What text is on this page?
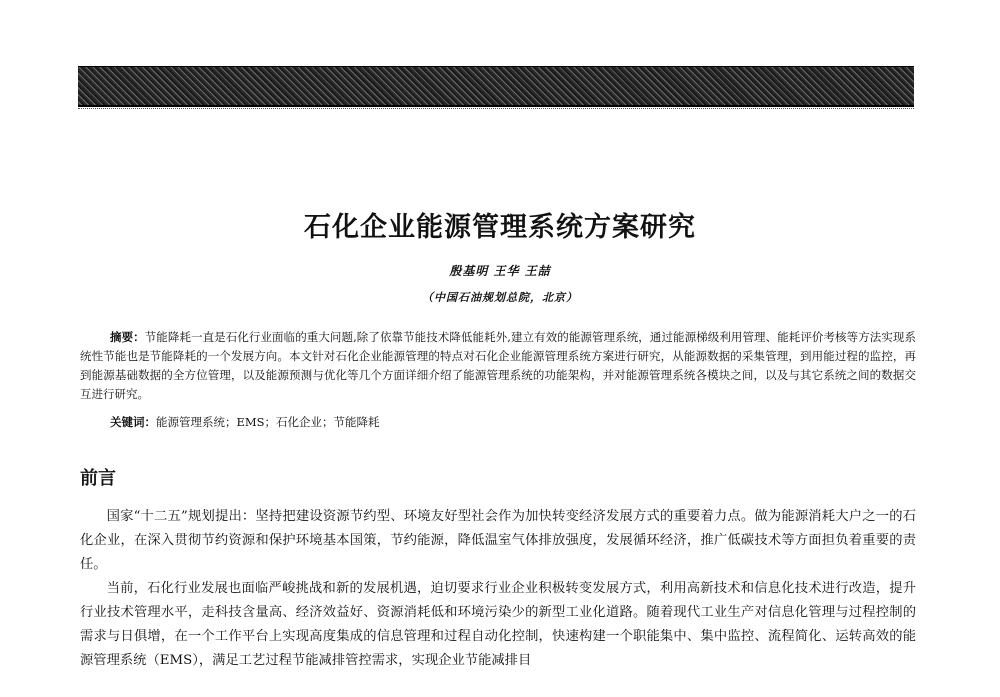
石化企业能源管理系统方案研究
殷基明 王华 王喆
（中国石油规划总院，北京）
摘要：节能降耗一直是石化行业面临的重大问题,除了依靠节能技术降低能耗外,建立有效的能源管理系统，通过能源梯级利用管理、能耗评价考核等方法实现系统性节能也是节能降耗的一个发展方向。本文针对石化企业能源管理的特点对石化企业能源管理系统方案进行研究，从能源数据的采集管理，到用能过程的监控，再到能源基础数据的全方位管理，以及能源预测与优化等几个方面详细介绍了能源管理系统的功能架构，并对能源管理系统各模块之间，以及与其它系统之间的数据交互进行研究。
关键词：能源管理系统；EMS；石化企业；节能降耗
前言

国家“十二五”规划提出：坚持把建设资源节约型、环境友好型社会作为加快转变经济发展方式的重要着力点。做为能源消耗大户之一的石化企业，在深入贯彻节约资源和保护环境基本国策，节约能源，降低温室气体排放强度，发展循环经济，推广低碳技术等方面担负着重要的责任。

当前，石化行业发展也面临严峻挑战和新的发展机遇，迫切要求行业企业积极转变发展方式，利用高新技术和信息化技术进行改造，提升行业技术管理水平，走科技含量高、经济效益好、资源消耗低和环境污染少的新型工业化道路。随着现代工业生产对信息化管理与过程控制的需求与日俱增，在一个工作平台上实现高度集成的信息管理和过程自动化控制，快速构建一个职能集中、集中监控、流程简化、运转高效的能源管理系统（EMS），满足工艺过程节能减排管控需求，实现企业节能减排目
